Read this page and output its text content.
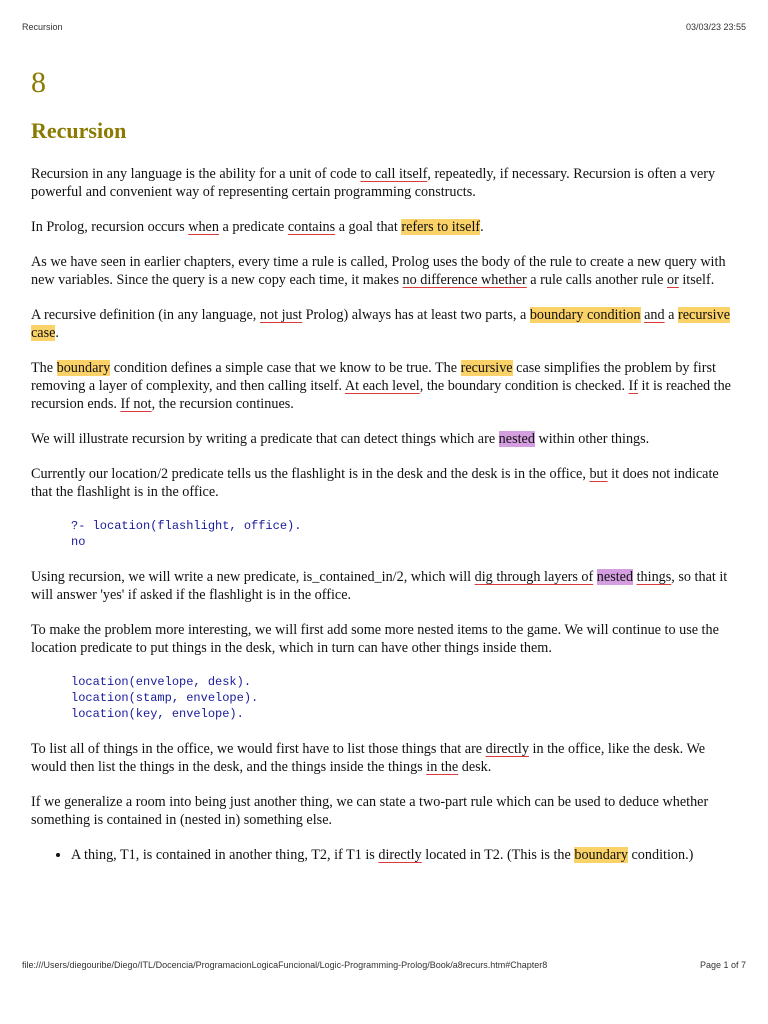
Recursion	03/03/23 23:55
8
Recursion

Recursion in any language is the ability for a unit of code to call itself, repeatedly, if necessary. Recursion is often a very powerful and convenient way of representing certain programming constructs.

In Prolog, recursion occurs when a predicate contains a goal that refers to itself.

As we have seen in earlier chapters, every time a rule is called, Prolog uses the body of the rule to create a new query with new variables. Since the query is a new copy each time, it makes no difference whether a rule calls another rule or itself.

A recursive definition (in any language, not just Prolog) always has at least two parts, a boundary condition and a recursive case.

The boundary condition defines a simple case that we know to be true. The recursive case simplifies the problem by first removing a layer of complexity, and then calling itself. At each level, the boundary condition is checked. If it is reached the recursion ends. If not, the recursion continues.

We will illustrate recursion by writing a predicate that can detect things which are nested within other things.

Currently our location/2 predicate tells us the flashlight is in the desk and the desk is in the office, but it does not indicate that the flashlight is in the office.

?- location(flashlight, office).
no

Using recursion, we will write a new predicate, is_contained_in/2, which will dig through layers of nested things, so that it will answer 'yes' if asked if the flashlight is in the office.

To make the problem more interesting, we will first add some more nested items to the game. We will continue to use the location predicate to put things in the desk, which in turn can have other things inside them.

location(envelope, desk).
location(stamp, envelope).
location(key, envelope).

To list all of things in the office, we would first have to list those things that are directly in the office, like the desk. We would then list the things in the desk, and the things inside the things in the desk.

If we generalize a room into being just another thing, we can state a two-part rule which can be used to deduce whether something is contained in (nested in) something else.

• A thing, T1, is contained in another thing, T2, if T1 is directly located in T2. (This is the boundary condition.)
file:///Users/diegouribe/Diego/ITL/Docencia/ProgramacionLogicaFuncional/Logic-Programming-Prolog/Book/a8recurs.htm#Chapter8	Page 1 of 7
